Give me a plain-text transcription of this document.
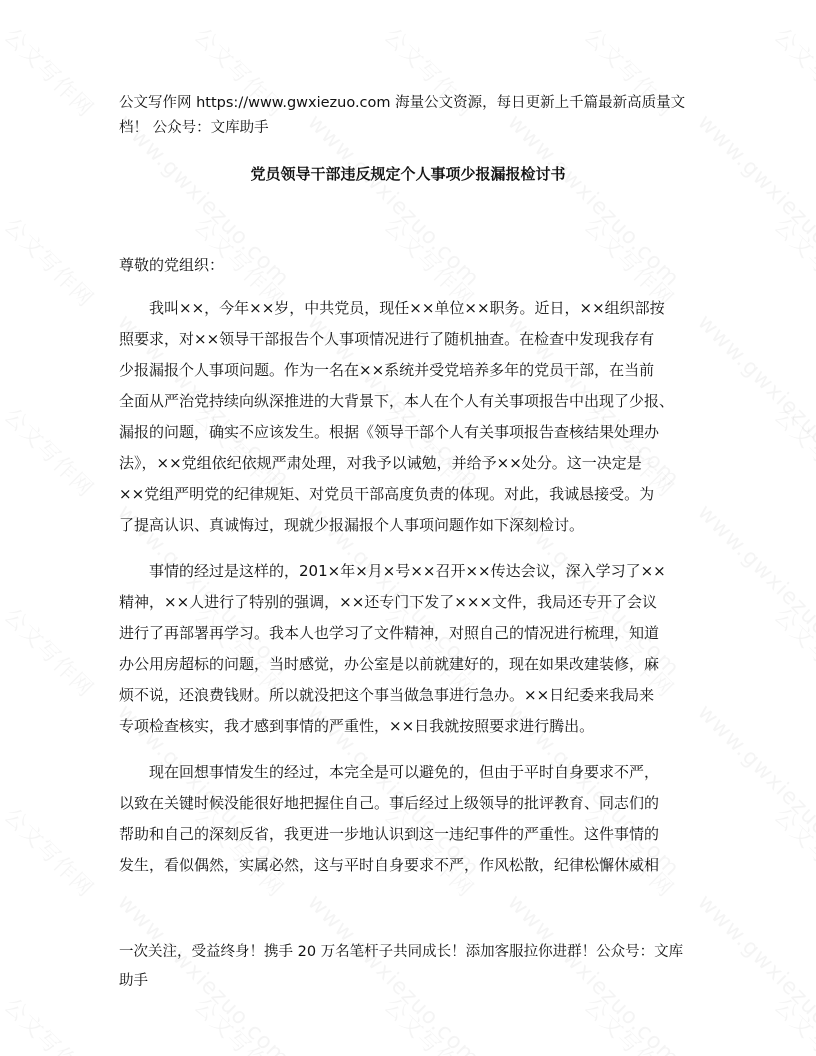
公文写作网 https://www.gwxiezuo.com 海量公文资源，每日更新上千篇最新高质量文
档！ 公众号：文库助手
党员领导干部违反规定个人事项少报漏报检讨书
尊敬的党组织：
　　我叫××，今年××岁，中共党员，现任××单位××职务。近日，××组织部按
照要求，对××领导干部报告个人事项情况进行了随机抽查。在检查中发现我存有
少报漏报个人事项问题。作为一名在××系统并受党培养多年的党员干部，在当前
全面从严治党持续向纵深推进的大背景下，本人在个人有关事项报告中出现了少报、
漏报的问题，确实不应该发生。根据《领导干部个人有关事项报告查核结果处理办
法》，××党组依纪依规严肃处理，对我予以诫勉，并给予××处分。这一决定是
××党组严明党的纪律规矩、对党员干部高度负责的体现。对此，我诚恳接受。为
了提高认识、真诚悔过，现就少报漏报个人事项问题作如下深刻检讨。
　　事情的经过是这样的，201×年×月×号××召开××传达会议，深入学习了××
精神，××人进行了特别的强调，××还专门下发了×××文件，我局还专开了会议
进行了再部署再学习。我本人也学习了文件精神，对照自己的情况进行梳理，知道
办公用房超标的问题，当时感觉，办公室是以前就建好的，现在如果改建装修，麻
烦不说，还浪费钱财。所以就没把这个事当做急事进行急办。××日纪委来我局来
专项检查核实，我才感到事情的严重性，××日我就按照要求进行腾出。
　　现在回想事情发生的经过，本完全是可以避免的，但由于平时自身要求不严，
以致在关键时候没能很好地把握住自己。事后经过上级领导的批评教育、同志们的
帮助和自己的深刻反省，我更进一步地认识到这一违纪事件的严重性。这件事情的
发生，看似偶然，实属必然，这与平时自身要求不严，作风松散，纪律松懈休威相
一次关注，受益终身！携手 20 万名笔杆子共同成长！添加客服拉你进群！公众号：文库
助手
